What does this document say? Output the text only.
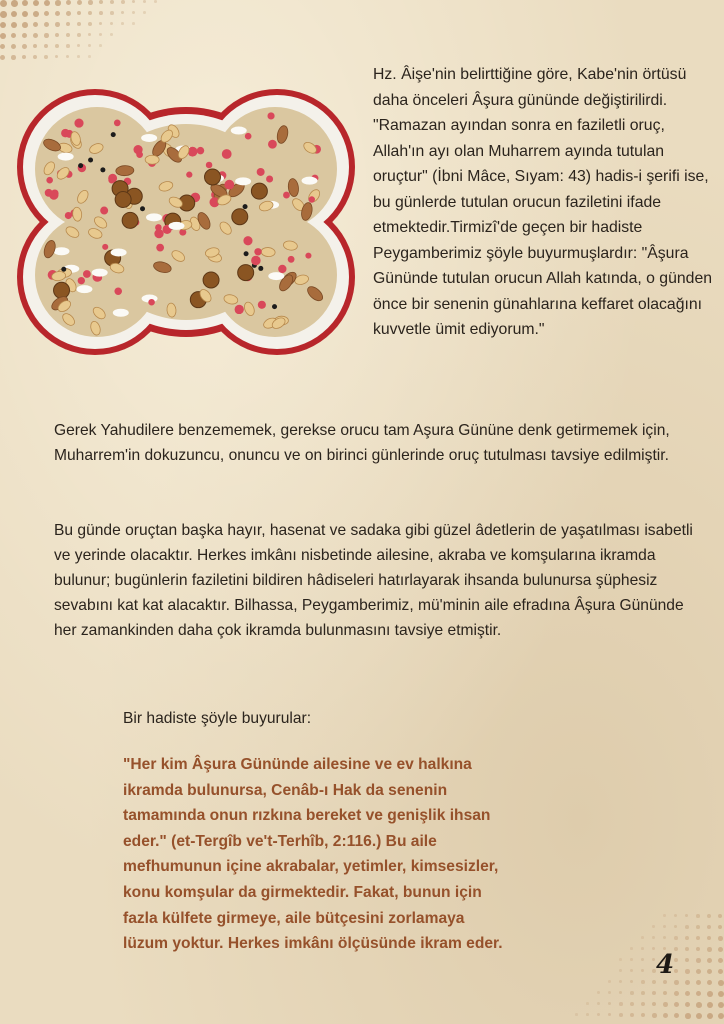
Hz. Âişe'nin belirttiğine göre, Kabe'nin örtüsü daha önceleri Âşura gününde değiştirilirdi. "Ramazan ayından sonra en faziletli oruç, Allah'ın ayı olan Muharrem ayında tutulan oruçtur" (İbni Mâce, Sıyam: 43) hadis-i şerifi ise, bu günlerde tutulan orucun faziletini ifade etmektedir.Tirmizî'de geçen bir hadiste Peygamberimiz şöyle buyurmuşlardır: "Âşura Gününde tutulan orucun Allah katında, o günden önce bir senenin günahlarına keffaret olacağını kuvvetle ümit ediyorum."

Gerek Yahudilere benzememek, gerekse orucu tam Aşura Gününe denk getirmemek için, Muharrem'in dokuzuncu, onuncu ve on birinci günlerinde oruç tutulması tavsiye edilmiştir.

Bu günde oruçtan başka hayır, hasenat ve sadaka gibi güzel âdetlerin de yaşatılması isabetli ve yerinde olacaktır. Herkes imkânı nisbetinde ailesine, akraba ve komşularına ikramda bulunur; bugünlerin faziletini bildiren hâdiseleri hatırlayarak ihsanda bulunursa şüphesiz sevabını kat kat alacaktır. Bilhassa, Peygamberimiz, mü'minin aile efradına Âşura Gününde her zamankinden daha çok ikramda bulunmasını tavsiye etmiştir.

Bir hadiste şöyle buyurular:

"Her kim Âşura Gününde ailesine ve ev halkına ikramda bulunursa, Cenâb-ı Hak da senenin tamamında onun rızkına bereket ve genişlik ihsan eder." (et-Tergîb ve't-Terhîb, 2:116.) Bu aile mefhumunun içine akrabalar, yetimler, kimsesizler, konu komşular da girmektedir. Fakat, bunun için fazla külfete girmeye, aile bütçesini zorlamaya lüzum yoktur. Herkes imkânı ölçüsünde ikram eder.

4
